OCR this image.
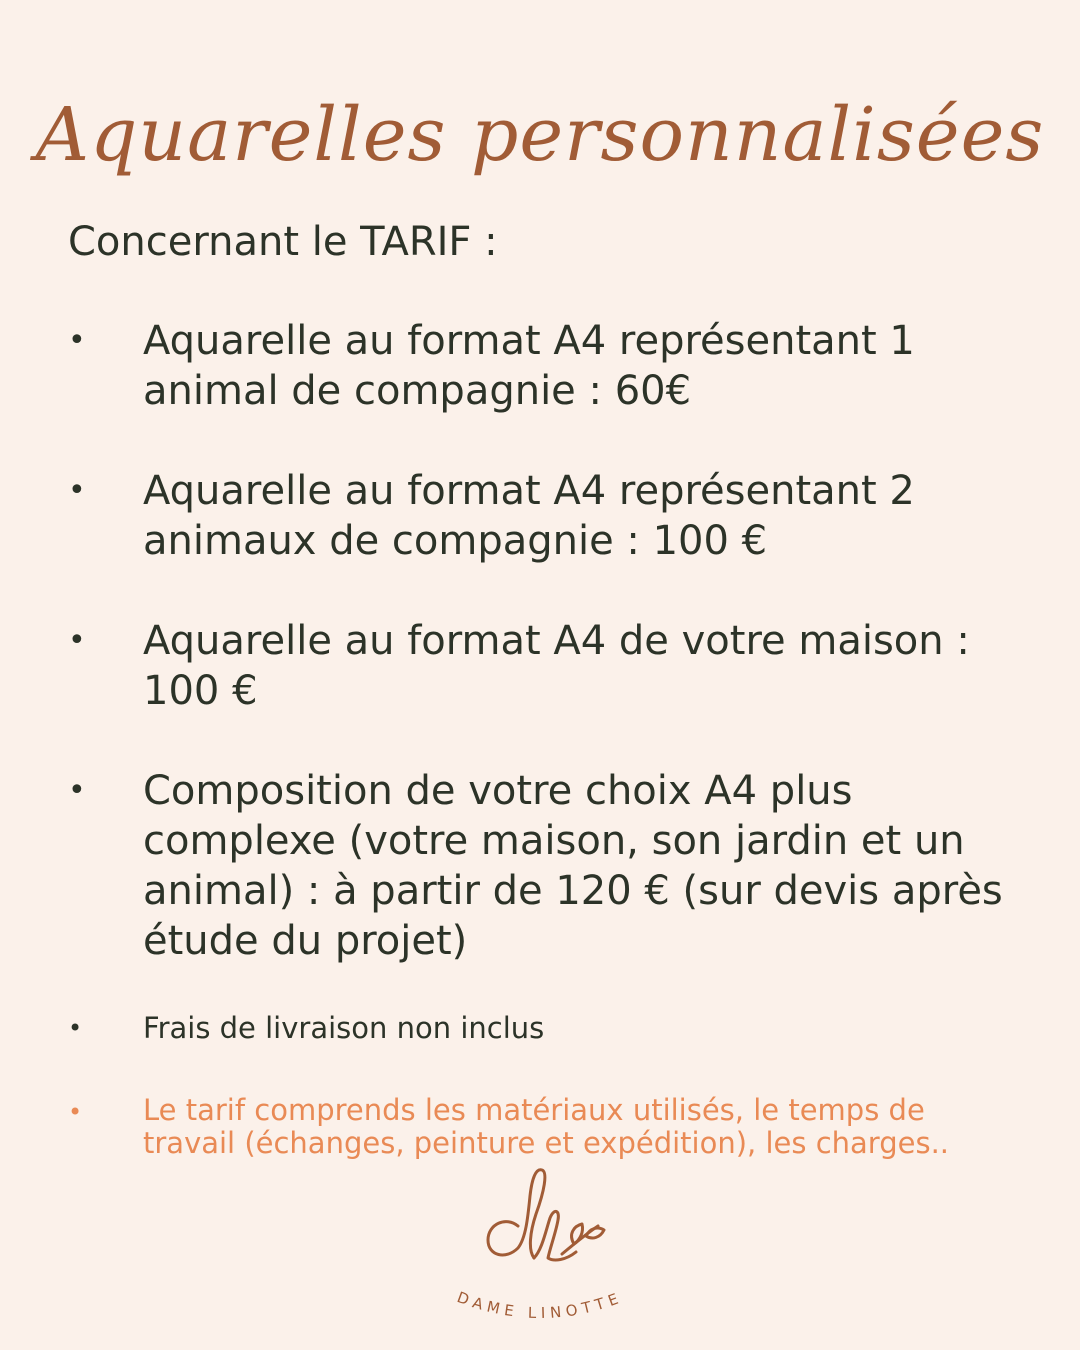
Aquarelles personnalisées
Concernant le TARIF :
• Aquarelle au format A4 représentant 1 animal de compagnie : 60€
• Aquarelle au format A4 représentant 2 animaux de compagnie : 100 €
• Aquarelle au format A4 de votre maison : 100 €
• Composition de votre choix A4 plus complexe (votre maison, son jardin et un animal) : à partir de 120 € (sur devis après étude du projet)
• Frais de livraison non inclus
• Le tarif comprends les matériaux utilisés, le temps de travail (échanges, peinture et expédition), les charges..
DAME LINOTTE
